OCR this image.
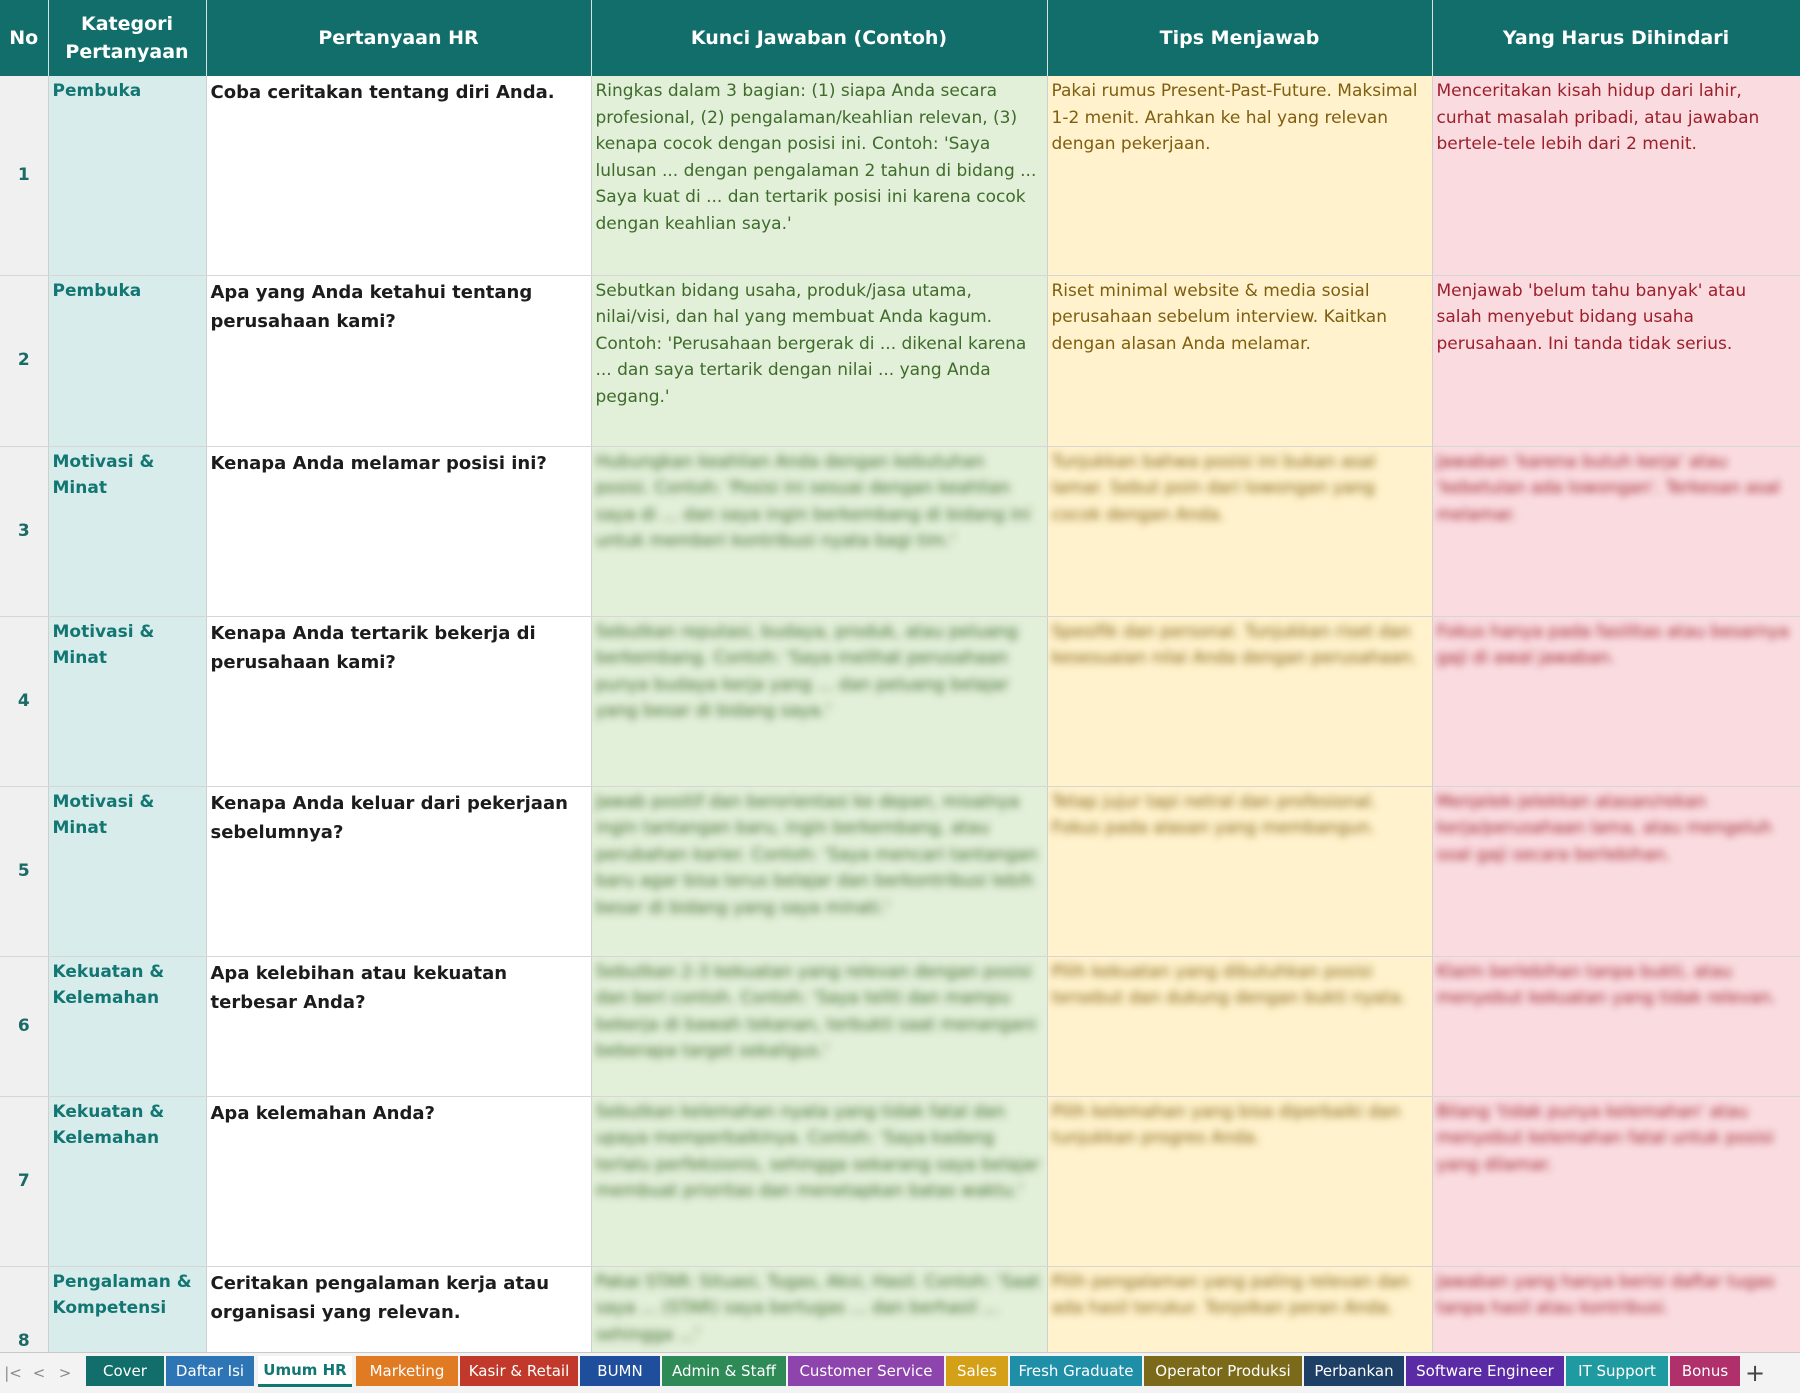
No	Kategori Pertanyaan	Pertanyaan HR	Kunci Jawaban (Contoh)	Tips Menjawab	Yang Harus Dihindari
1	Pembuka	Coba ceritakan tentang diri Anda.	Ringkas dalam 3 bagian: (1) siapa Anda secara profesional, (2) pengalaman/keahlian relevan, (3) kenapa cocok dengan posisi ini. Contoh: 'Saya lulusan ... dengan pengalaman 2 tahun di bidang ... Saya kuat di ... dan tertarik posisi ini karena cocok dengan keahlian saya.'	Pakai rumus Present-Past-Future. Maksimal 1-2 menit. Arahkan ke hal yang relevan dengan pekerjaan.	Menceritakan kisah hidup dari lahir, curhat masalah pribadi, atau jawaban bertele-tele lebih dari 2 menit.
2	Pembuka	Apa yang Anda ketahui tentang perusahaan kami?	Sebutkan bidang usaha, produk/jasa utama, nilai/visi, dan hal yang membuat Anda kagum. Contoh: 'Perusahaan bergerak di ... dikenal karena ... dan saya tertarik dengan nilai ... yang Anda pegang.'	Riset minimal website & media sosial perusahaan sebelum interview. Kaitkan dengan alasan Anda melamar.	Menjawab 'belum tahu banyak' atau salah menyebut bidang usaha perusahaan. Ini tanda tidak serius.
3	Motivasi & Minat	Kenapa Anda melamar posisi ini?	Hubungkan keahlian Anda dengan kebutuhan posisi. Contoh: 'Posisi ini sesuai dengan keahlian saya di ... dan saya ingin berkembang di bidang ini untuk memberi kontribusi nyata bagi tim.'	Tunjukkan bahwa posisi ini bukan asal lamar. Sebut poin dari lowongan yang cocok dengan Anda.	Jawaban 'karena butuh kerja' atau 'kebetulan ada lowongan'. Terkesan asal melamar.

4	Motivasi & Minat	Kenapa Anda tertarik bekerja di perusahaan kami?	Sebutkan reputasi, budaya, produk, atau peluang berkembang. Contoh: 'Saya melihat perusahaan punya budaya kerja yang ... dan peluang belajar yang besar di bidang saya.'	Spesifik dan personal. Tunjukkan riset dan kesesuaian nilai Anda dengan perusahaan.	Fokus hanya pada fasilitas atau besarnya gaji di awal jawaban.

5	Motivasi & Minat	Kenapa Anda keluar dari pekerjaan sebelumnya?	Jawab positif dan berorientasi ke depan, misalnya ingin tantangan baru, ingin berkembang, atau perubahan karier. Contoh: 'Saya mencari tantangan baru agar bisa terus belajar dan berkontribusi lebih besar di bidang yang saya minati.'	Tetap jujur tapi netral dan profesional. Fokus pada alasan yang membangun.	Menjelek-jelekkan atasan/rekan kerja/perusahaan lama, atau mengeluh soal gaji secara berlebihan.

6	Kekuatan & Kelemahan	Apa kelebihan atau kekuatan terbesar Anda?	Sebutkan 2-3 kekuatan yang relevan dengan posisi dan beri contoh. Contoh: 'Saya teliti dan mampu bekerja di bawah tekanan, terbukti saat menangani beberapa target sekaligus.'	Pilih kekuatan yang dibutuhkan posisi tersebut dan dukung dengan bukti nyata.	Klaim berlebihan tanpa bukti, atau menyebut kekuatan yang tidak relevan.

7	Kekuatan & Kelemahan	Apa kelemahan Anda?	Sebutkan kelemahan nyata yang tidak fatal dan upaya memperbaikinya. Contoh: 'Saya kadang terlalu perfeksionis, sehingga sekarang saya belajar membuat prioritas dan menetapkan batas waktu.'	Pilih kelemahan yang bisa diperbaiki dan tunjukkan progres Anda.	Bilang 'tidak punya kelemahan' atau menyebut kelemahan fatal untuk posisi yang dilamar.

8	Pengalaman & Kompetensi	Ceritakan pengalaman kerja atau organisasi yang relevan.	Pakai STAR: Situasi, Tugas, Aksi, Hasil. Contoh: 'Saat saya ... (STAR) saya bertugas ... dan berhasil ... sehingga ...'	Pilih pengalaman yang paling relevan dan ada hasil terukur. Tonjolkan peran Anda.	Jawaban yang hanya berisi daftar tugas tanpa hasil atau kontribusi.
|< < >	Cover	Daftar Isi	Umum HR	Marketing	Kasir & Retail	BUMN	Admin & Staff	Customer Service	Sales	Fresh Graduate	Operator Produksi	Perbankan	Software Engineer	IT Support	Bonus +
